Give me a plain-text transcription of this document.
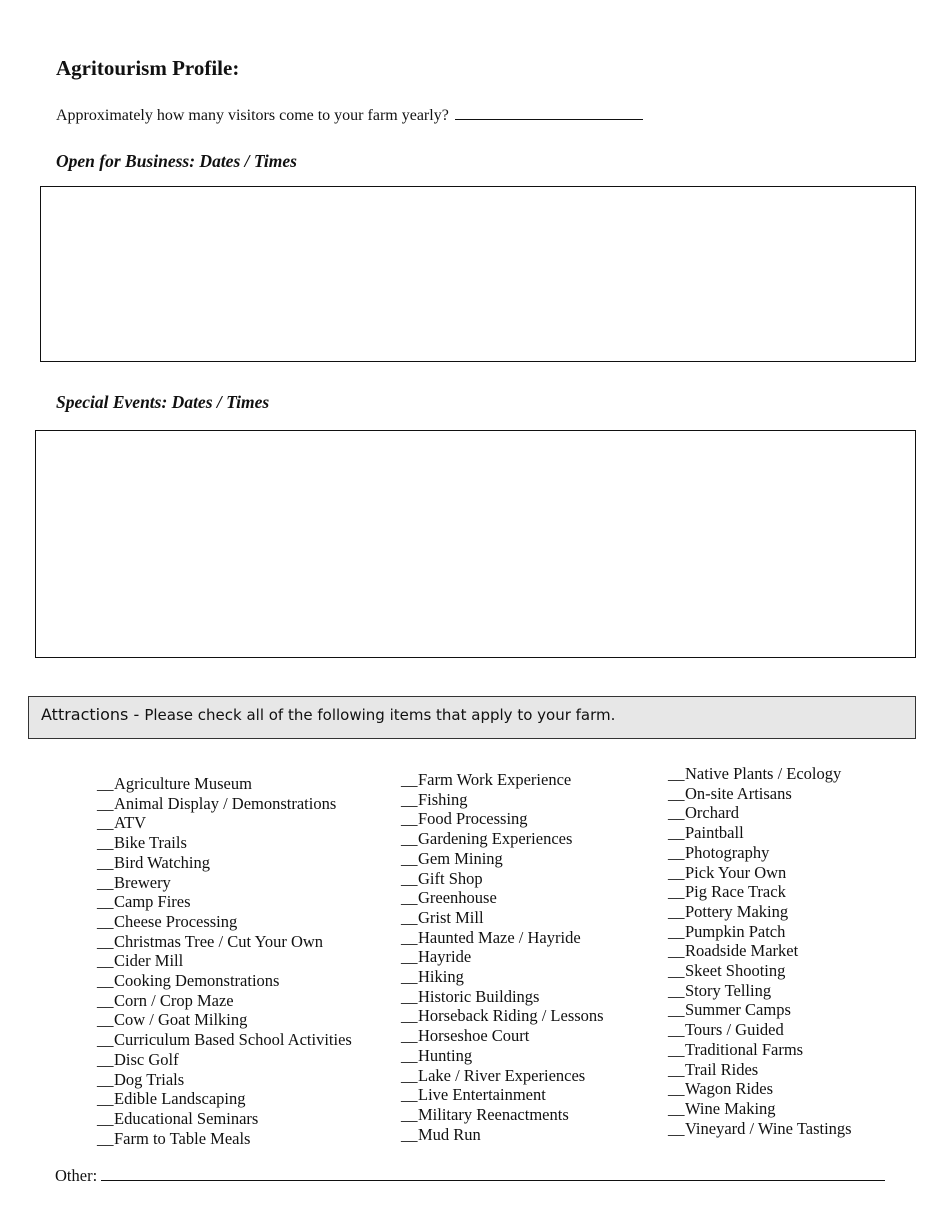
Agritourism Profile:
Approximately how many visitors come to your farm yearly?
Open for Business: Dates / Times
Special Events: Dates / Times
Attractions - Please check all of the following items that apply to your farm.
__Agriculture Museum
__Animal Display / Demonstrations
__ATV
__Bike Trails
__Bird Watching
__Brewery
__Camp Fires
__Cheese Processing
__Christmas Tree / Cut Your Own
__Cider Mill
__Cooking Demonstrations
__Corn / Crop Maze
__Cow / Goat Milking
__Curriculum Based School Activities
__Disc Golf
__Dog Trials
__Edible Landscaping
__Educational Seminars
__Farm to Table Meals
__Farm Work Experience
__Fishing
__Food Processing
__Gardening Experiences
__Gem Mining
__Gift Shop
__Greenhouse
__Grist Mill
__Haunted Maze / Hayride
__Hayride
__Hiking
__Historic Buildings
__Horseback Riding / Lessons
__Horseshoe Court
__Hunting
__Lake / River Experiences
__Live Entertainment
__Military Reenactments
__Mud Run
__Native Plants / Ecology
__On-site Artisans
__Orchard
__Paintball
__Photography
__Pick Your Own
__Pig Race Track
__Pottery Making
__Pumpkin Patch
__Roadside Market
__Skeet Shooting
__Story Telling
__Summer Camps
__Tours / Guided
__Traditional Farms
__Trail Rides
__Wagon Rides
__Wine Making
__Vineyard / Wine Tastings
Other:
